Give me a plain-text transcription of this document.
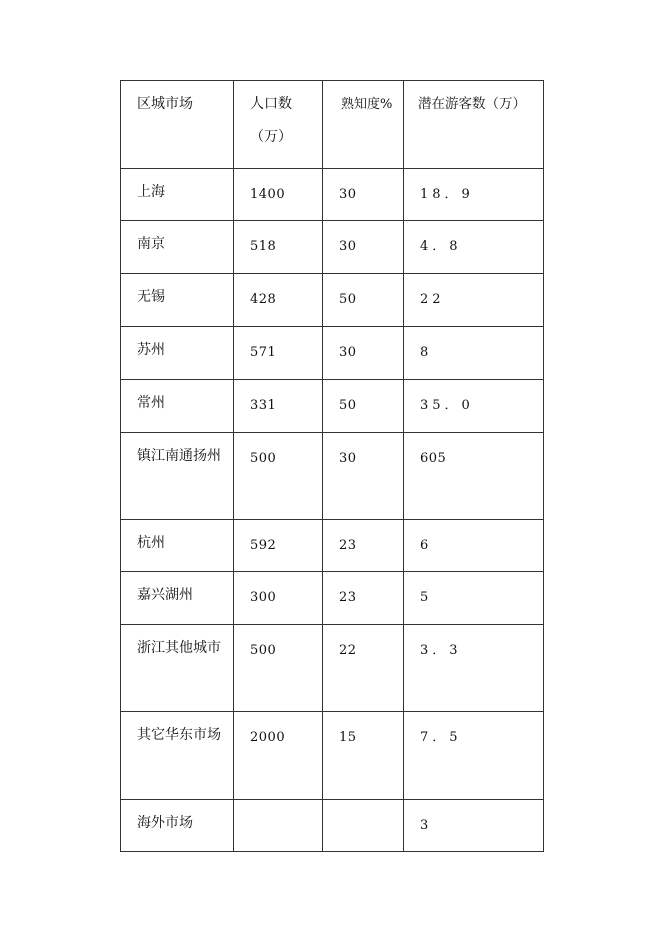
区城市场	人口数（万）	熟知度%	潜在游客数（万）

上海	1400	30	18．9

南京	518	30	4．8

无锡	428	50	22

苏州	571	30	8

常州	331	50	35．0

镇江南通扬州	500	30	605

杭州	592	23	6

嘉兴湖州	300	23	5

浙江其他城市	500	22	3．3

其它华东市场	2000	15	7．5

海外市场			3
